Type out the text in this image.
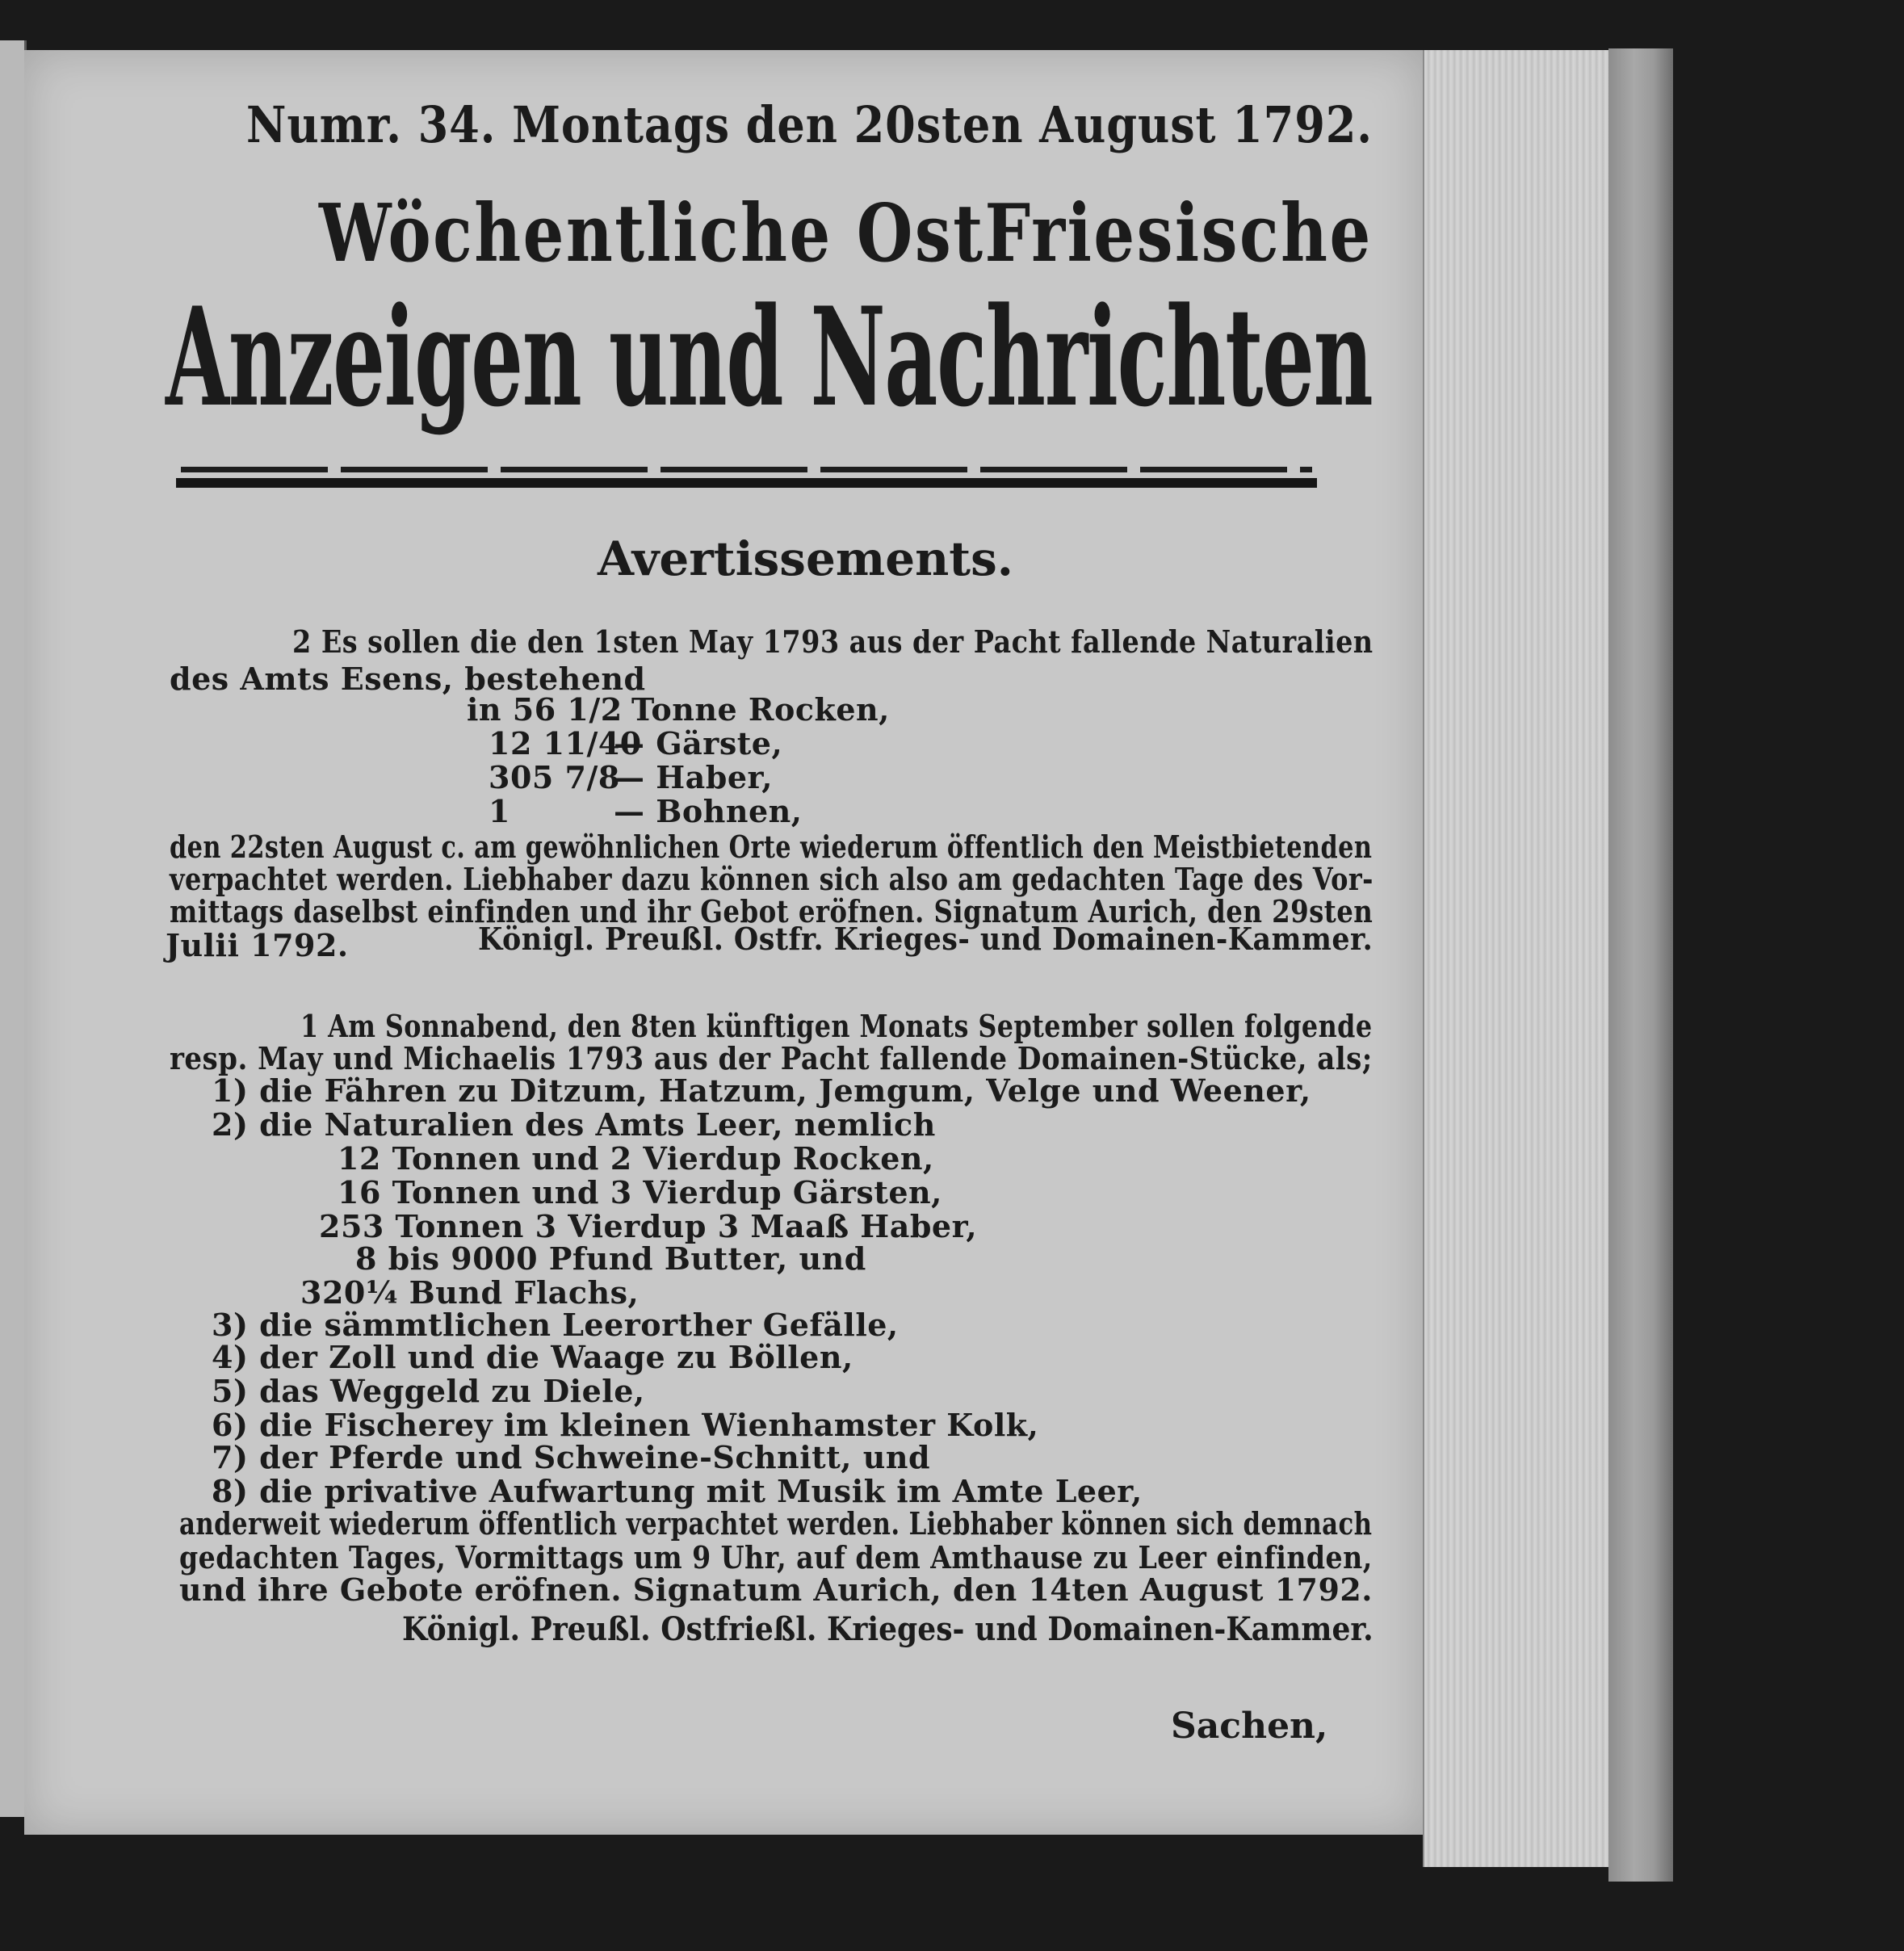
Numr. 34. Montags den 20sten August 1792.
Wöchentliche OstFriesische
Anzeigen und Nachrichten
Avertissements.
2 Es sollen die den 1sten May 1793 aus der Pacht fallende Naturalien
des Amts Esens, bestehend
in 56 1/2 Tonne Rocken,
12 11/40
— Gärste,
305 7/8
— Haber,
1	— Bohnen,
den 22sten August c. am gewöhnlichen Orte wiederum öffentlich den Meistbietenden
verpachtet werden. Liebhaber dazu können sich also am gedachten Tage des Vor-
mittags daselbst einfinden und ihr Gebot eröfnen. Signatum Aurich, den 29sten
Julii 1792.	Königl. Preußl. Ostfr. Krieges- und Domainen-Kammer.
1 Am Sonnabend, den 8ten künftigen Monats September sollen folgende
resp. May und Michaelis 1793 aus der Pacht fallende Domainen-Stücke, als;
1) die Fähren zu Ditzum, Hatzum, Jemgum, Velge und Weener,
2) die Naturalien des Amts Leer, nemlich
12 Tonnen und 2 Vierdup Rocken,
16 Tonnen und 3 Vierdup Gärsten,
253 Tonnen 3 Vierdup 3 Maaß Haber,
8 bis 9000 Pfund Butter, und
320¼ Bund Flachs,
3) die sämmtlichen Leerorther Gefälle,
4) der Zoll und die Waage zu Böllen,
5) das Weggeld zu Diele,
6) die Fischerey im kleinen Wienhamster Kolk,
7) der Pferde und Schweine-Schnitt, und
8) die privative Aufwartung mit Musik im Amte Leer,
anderweit wiederum öffentlich verpachtet werden. Liebhaber können sich demnach
gedachten Tages, Vormittags um 9 Uhr, auf dem Amthause zu Leer einfinden,
und ihre Gebote eröfnen. Signatum Aurich, den 14ten August 1792.
Königl. Preußl. Ostfrießl. Krieges- und Domainen-Kammer.
Sachen,
